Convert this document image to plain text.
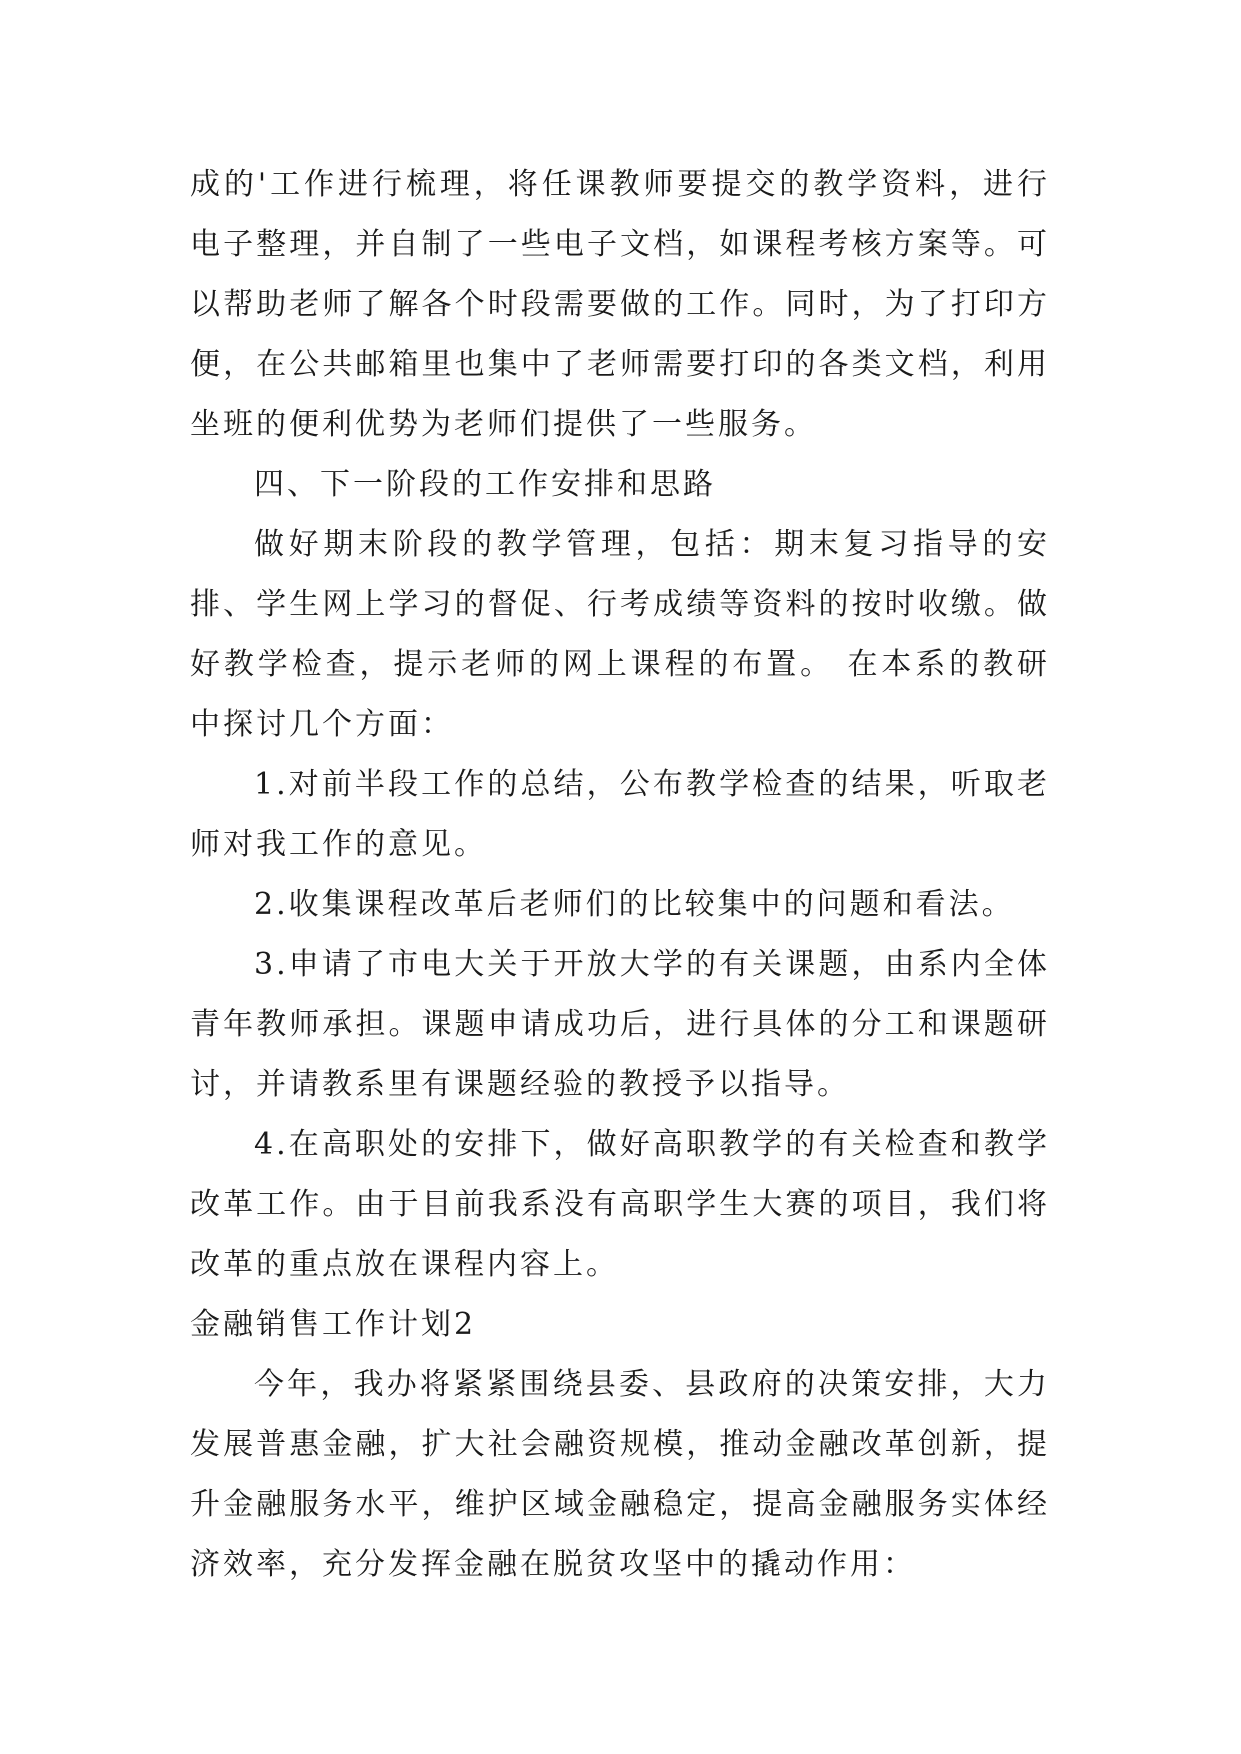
成的'工作进行梳理，将任课教师要提交的教学资料，进行电子整理，并自制了一些电子文档，如课程考核方案等。可以帮助老师了解各个时段需要做的工作。同时，为了打印方便，在公共邮箱里也集中了老师需要打印的各类文档，利用坐班的便利优势为老师们提供了一些服务。

四、下一阶段的工作安排和思路

做好期末阶段的教学管理，包括：期末复习指导的安排、学生网上学习的督促、行考成绩等资料的按时收缴。做好教学检查，提示老师的网上课程的布置。 在本系的教研中探讨几个方面：

1.对前半段工作的总结，公布教学检查的结果，听取老师对我工作的意见。

2.收集课程改革后老师们的比较集中的问题和看法。

3.申请了市电大关于开放大学的有关课题，由系内全体青年教师承担。课题申请成功后，进行具体的分工和课题研讨，并请教系里有课题经验的教授予以指导。

4.在高职处的安排下，做好高职教学的有关检查和教学改革工作。由于目前我系没有高职学生大赛的项目，我们将改革的重点放在课程内容上。

金融销售工作计划2

今年，我办将紧紧围绕县委、县政府的决策安排，大力发展普惠金融，扩大社会融资规模，推动金融改革创新，提升金融服务水平，维护区域金融稳定，提高金融服务实体经济效率，充分发挥金融在脱贫攻坚中的撬动作用：
